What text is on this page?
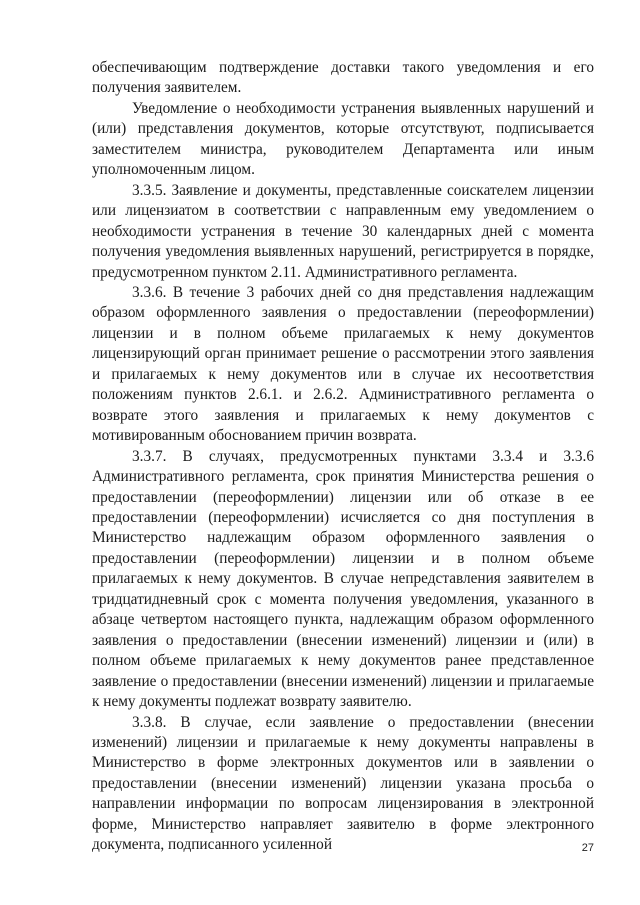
обеспечивающим подтверждение доставки такого уведомления и его получения заявителем.

Уведомление о необходимости устранения выявленных нарушений и (или) представления документов, которые отсутствуют, подписывается заместителем министра, руководителем Департамента или иным уполномоченным лицом.

3.3.5. Заявление и документы, представленные соискателем лицензии или лицензиатом в соответствии с направленным ему уведомлением о необходимости устранения в течение 30 календарных дней с момента получения уведомления выявленных нарушений, регистрируется в порядке, предусмотренном пунктом 2.11. Административного регламента.

3.3.6. В течение 3 рабочих дней со дня представления надлежащим образом оформленного заявления о предоставлении (переоформлении) лицензии и в полном объеме прилагаемых к нему документов лицензирующий орган принимает решение о рассмотрении этого заявления и прилагаемых к нему документов или в случае их несоответствия положениям пунктов 2.6.1. и 2.6.2. Административного регламента о возврате этого заявления и прилагаемых к нему документов с мотивированным обоснованием причин возврата.

3.3.7. В случаях, предусмотренных пунктами 3.3.4 и 3.3.6 Административного регламента, срок принятия Министерства решения о предоставлении (переоформлении) лицензии или об отказе в ее предоставлении (переоформлении) исчисляется со дня поступления в Министерство надлежащим образом оформленного заявления о предоставлении (переоформлении) лицензии и в полном объеме прилагаемых к нему документов. В случае непредставления заявителем в тридцатидневный срок с момента получения уведомления, указанного в абзаце четвертом настоящего пункта, надлежащим образом оформленного заявления о предоставлении (внесении изменений) лицензии и (или) в полном объеме прилагаемых к нему документов ранее представленное заявление о предоставлении (внесении изменений) лицензии и прилагаемые к нему документы подлежат возврату заявителю.

3.3.8. В случае, если заявление о предоставлении (внесении изменений) лицензии и прилагаемые к нему документы направлены в Министерство в форме электронных документов или в заявлении о предоставлении (внесении изменений) лицензии указана просьба о направлении информации по вопросам лицензирования в электронной форме, Министерство направляет заявителю в форме электронного документа, подписанного усиленной	27
